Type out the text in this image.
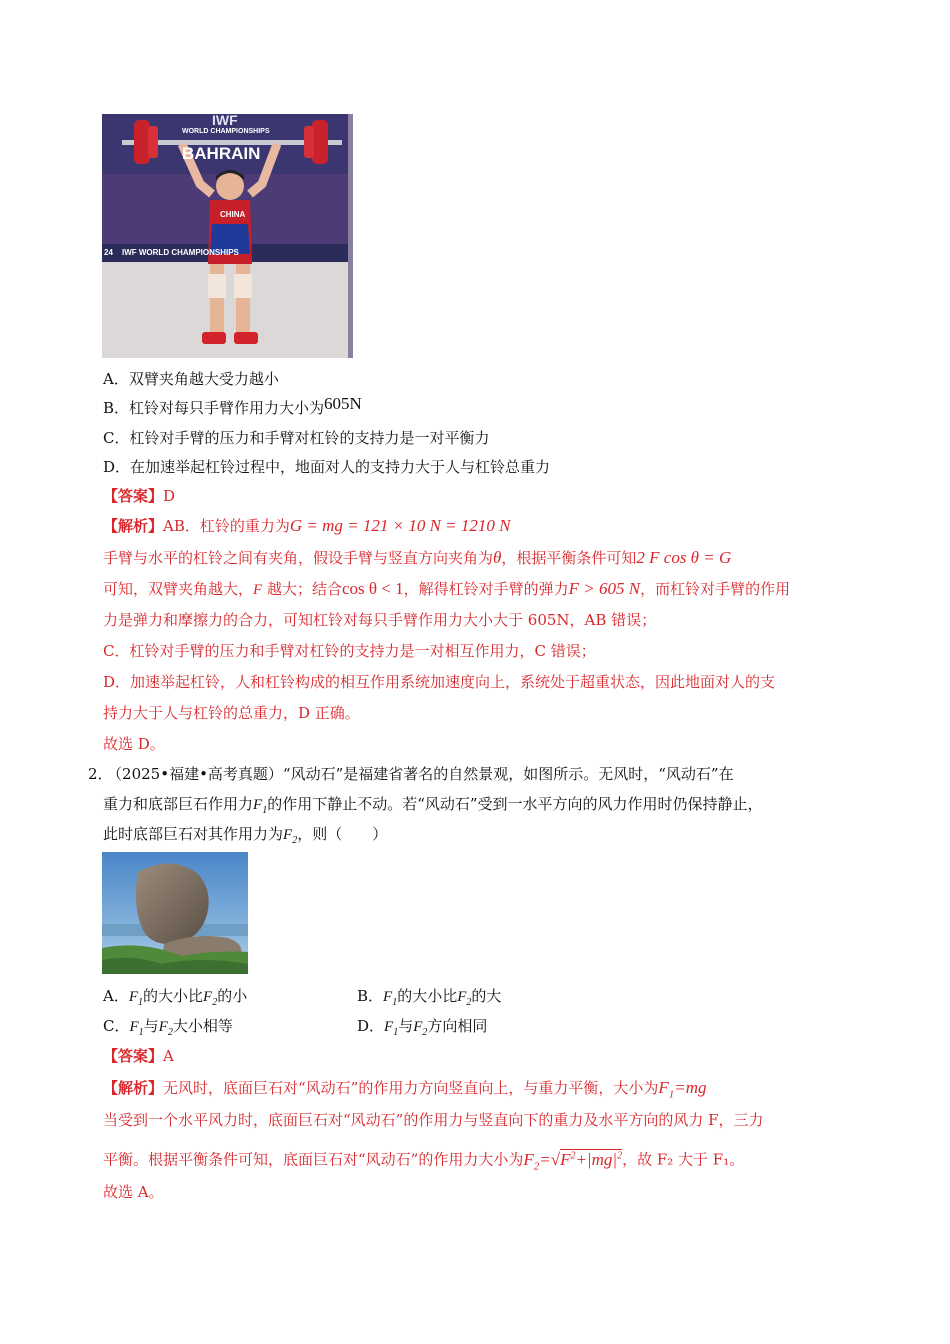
IWF
WORLD CHAMPIONSHIPS
BAHRAIN
CHINA
24 IWF WORLD CHAMPIONSHIPS
A．双臂夹角越大受力越小
B．杠铃对每只手臂作用力大小为605N
C．杠铃对手臂的压力和手臂对杠铃的支持力是一对平衡力
D．在加速举起杠铃过程中，地面对人的支持力大于人与杠铃总重力
【答案】D
【解析】AB．杠铃的重力为G = mg = 121 × 10 N = 1210 N
手臂与水平的杠铃之间有夹角，假设手臂与竖直方向夹角为θ，根据平衡条件可知2 F cos θ = G
可知，双臂夹角越大，F 越大；结合cos θ < 1，解得杠铃对手臂的弹力F > 605 N，而杠铃对手臂的作用
力是弹力和摩擦力的合力，可知杠铃对每只手臂作用力大小大于 605N，AB 错误；
C．杠铃对手臂的压力和手臂对杠铃的支持力是一对相互作用力，C 错误；
D．加速举起杠铃，人和杠铃构成的相互作用系统加速度向上，系统处于超重状态，因此地面对人的支
持力大于人与杠铃的总重力，D 正确。
故选 D。
2． （2025•福建•高考真题）“风动石”是福建省著名的自然景观，如图所示。无风时，“风动石”在
重力和底部巨石作用力$F_1$的作用下静止不动。若“风动石”受到一水平方向的风力作用时仍保持静止，
此时底部巨石对其作用力为$F_2$，则（　　）
A．$F_1$的大小比$F_2$的小	B．$F_1$的大小比$F_2$的大
C．$F_1$与$F_2$大小相等	D．$F_1$与$F_2$方向相同
【答案】A
【解析】无风时，底面巨石对“风动石”的作用力方向竖直向上，与重力平衡，大小为$F_1=mg$
当受到一个水平风力时，底面巨石对“风动石”的作用力与竖直向下的重力及水平方向的风力 F，三力
平衡。根据平衡条件可知，底面巨石对“风动石”的作用力大小为$F_2=√F^2+|mg|^2$，故 F₂ 大于 F₁。
故选 A。
